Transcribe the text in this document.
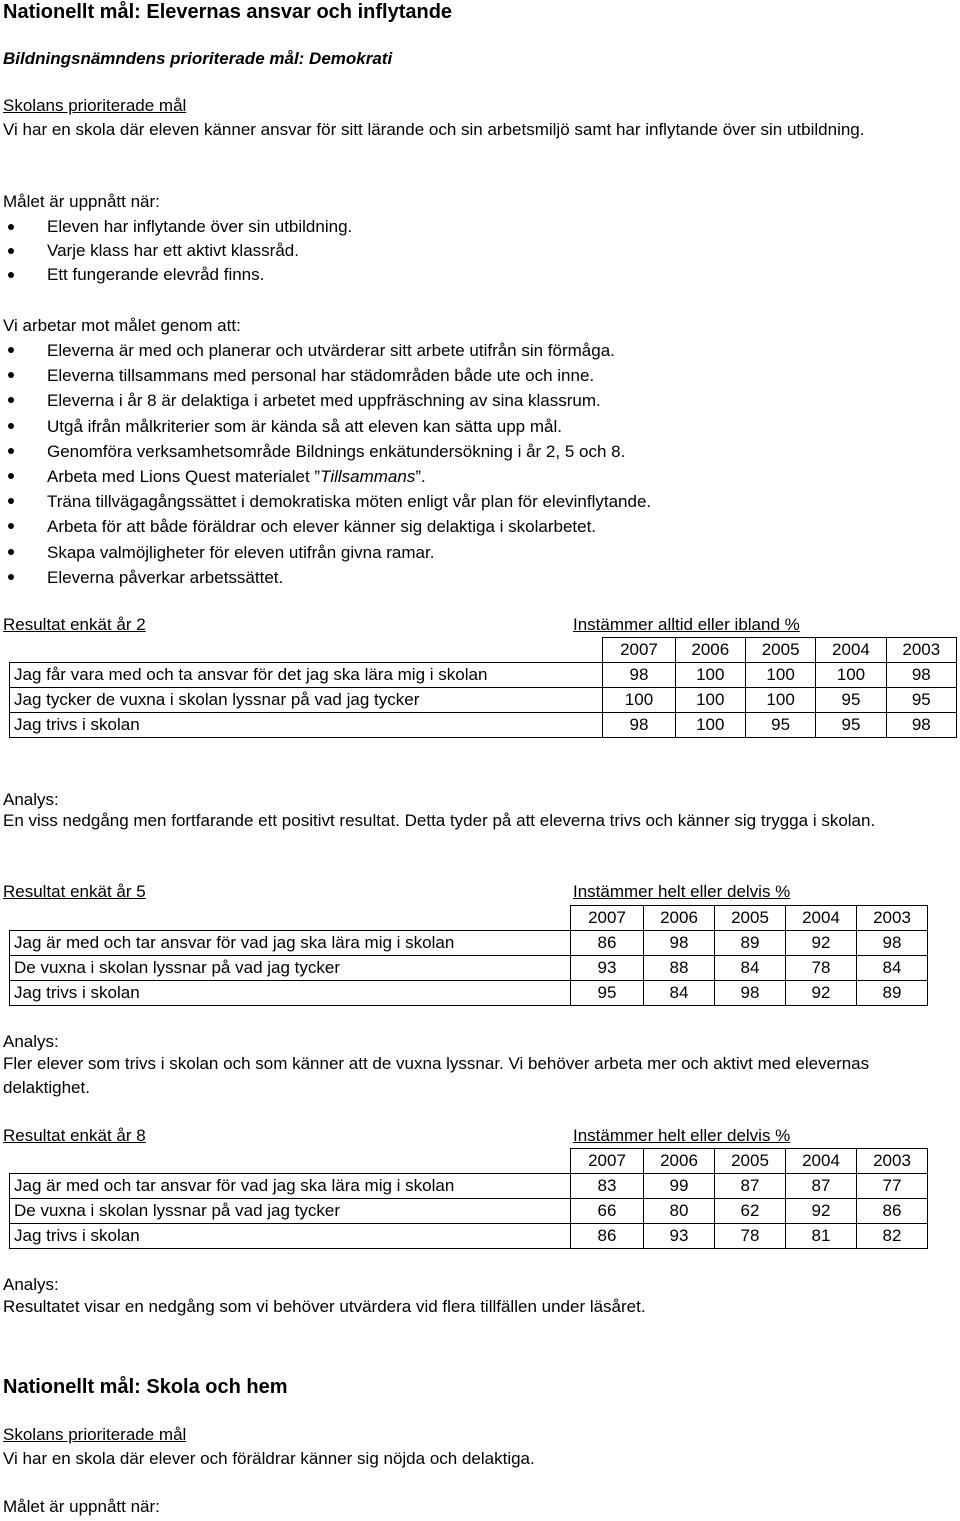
Nationellt mål: Elevernas ansvar och inflytande

Bildningsnämndens prioriterade mål: Demokrati

Skolans prioriterade mål

Vi har en skola där eleven känner ansvar för sitt lärande och sin arbetsmiljö samt har inflytande över sin utbildning.

Målet är uppnått när:

Eleven har inflytande över sin utbildning.
Varje klass har ett aktivt klassråd.
Ett fungerande elevråd finns.

Vi arbetar mot målet genom att:

Eleverna är med och planerar och utvärderar sitt arbete utifrån sin förmåga.
Eleverna tillsammans med personal har städområden både ute och inne.
Eleverna i år 8 är delaktiga i arbetet med uppfräschning av sina klassrum.
Utgå ifrån målkriterier som är kända så att eleven kan sätta upp mål.
Genomföra verksamhetsområde Bildnings enkätundersökning i år 2, 5 och 8.
Arbeta med Lions Quest materialet ”Tillsammans”.
Träna tillvägagångssättet i demokratiska möten enligt vår plan för elevinflytande.
Arbeta för att både föräldrar och elever känner sig delaktiga i skolarbetet.
Skapa valmöjligheter för eleven utifrån givna ramar.
Eleverna påverkar arbetssättet.
Resultat enkät år 2	Instämmer alltid eller ibland %
	2007	2006	2005	2004	2003
Jag får vara med och ta ansvar för det jag ska lära mig i skolan	98	100	100	100	98
Jag tycker de vuxna i skolan lyssnar på vad jag tycker	100	100	100	95	95
Jag trivs i skolan	98	100	95	95	98

Analys:

En viss nedgång men fortfarande ett positivt resultat. Detta tyder på att eleverna trivs och känner sig trygga i skolan.

Resultat enkät år 5	Instämmer helt eller delvis %
	2007	2006	2005	2004	2003
Jag är med och tar ansvar för vad jag ska lära mig i skolan	86	98	89	92	98
De vuxna i skolan lyssnar på vad jag tycker	93	88	84	78	84
Jag trivs i skolan	95	84	98	92	89

Analys:

Fler elever som trivs i skolan och som känner att de vuxna lyssnar. Vi behöver arbeta mer och aktivt med elevernas delaktighet.

Resultat enkät år 8	Instämmer helt eller delvis %
	2007	2006	2005	2004	2003
Jag är med och tar ansvar för vad jag ska lära mig i skolan	83	99	87	87	77
De vuxna i skolan lyssnar på vad jag tycker	66	80	62	92	86
Jag trivs i skolan	86	93	78	81	82

Analys:

Resultatet visar en nedgång som vi behöver utvärdera vid flera tillfällen under läsåret.

Nationellt mål: Skola och hem

Skolans prioriterade mål

Vi har en skola där elever och föräldrar känner sig nöjda och delaktiga.

Målet är uppnått när:
